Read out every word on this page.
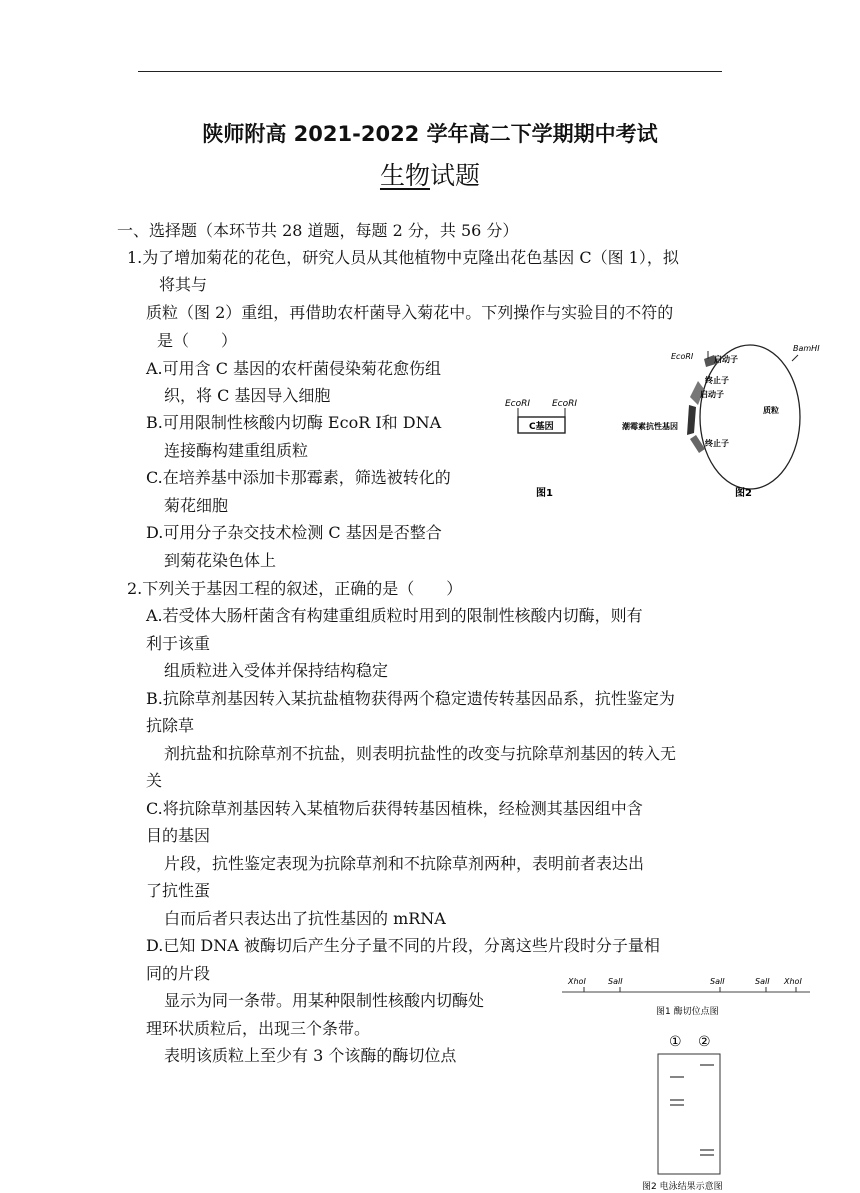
陕师附高 2021-2022 学年高二下学期期中考试
生物试题
一、选择题（本环节共 28 道题，每题 2 分，共 56 分）
1.为了增加菊花的花色，研究人员从其他植物中克隆出花色基因 C（图 1），拟
将其与
质粒（图 2）重组，再借助农杆菌导入菊花中。下列操作与实验目的不符的
是（　　）
A.可用含 C 基因的农杆菌侵染菊花愈伤组
织，将 C 基因导入细胞
B.可用限制性核酸内切酶 EcoR Ⅰ和 DNA
连接酶构建重组质粒
C.在培养基中添加卡那霉素，筛选被转化的
菊花细胞
D.可用分子杂交技术检测 C 基因是否整合
到菊花染色体上
EcoRI EcoRI
C基因
图1
EcoRI	启动子
BamHI
终止子
启动子
质粒
潮霉素抗性基因
终止子
图2
2.下列关于基因工程的叙述，正确的是（　　）
A.若受体大肠杆菌含有构建重组质粒时用到的限制性核酸内切酶，则有
利于该重
组质粒进入受体并保持结构稳定
B.抗除草剂基因转入某抗盐植物获得两个稳定遗传转基因品系，抗性鉴定为
抗除草
剂抗盐和抗除草剂不抗盐，则表明抗盐性的改变与抗除草剂基因的转入无
关
C.将抗除草剂基因转入某植物后获得转基因植株，经检测其基因组中含
目的基因
片段，抗性鉴定表现为抗除草剂和不抗除草剂两种，表明前者表达出
了抗性蛋
白而后者只表达出了抗性基因的 mRNA
D.已知 DNA 被酶切后产生分子量不同的片段，分离这些片段时分子量相
同的片段
显示为同一条带。用某种限制性核酸内切酶处
理环状质粒后，出现三个条带。
表明该质粒上至少有 3 个该酶的酶切位点
XhoI	SalI	SalI	SalI XhoI
图1 酶切位点图
① ②
图2 电泳结果示意图
